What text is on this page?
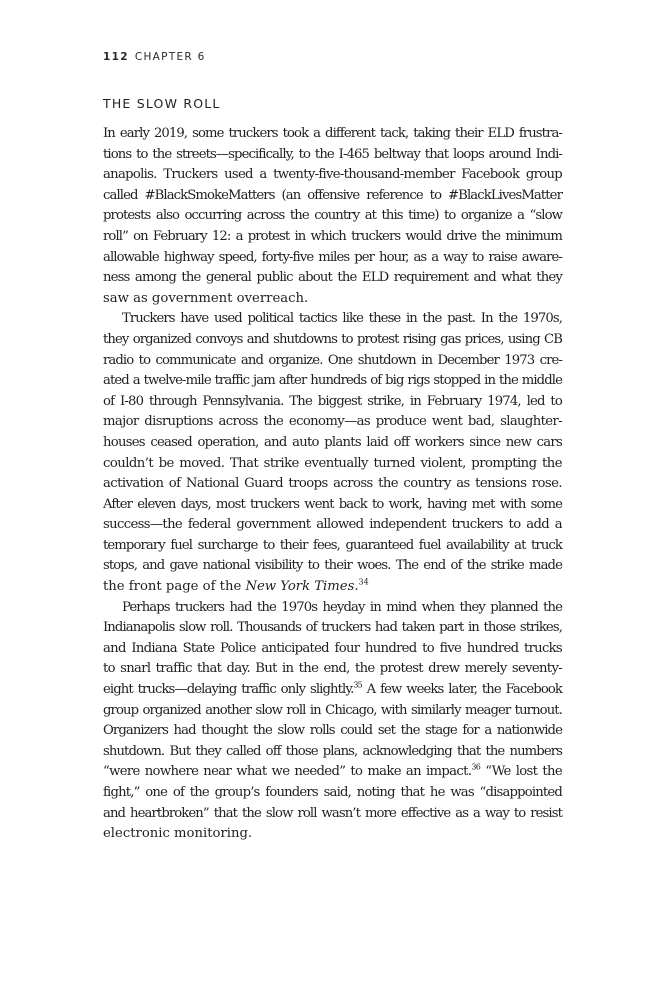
112 CHAPTER 6
THE SLOW ROLL
In early 2019, some truckers took a different tack, taking their ELD frustra-
tions to the streets—specifically, to the I-465 beltway that loops around Indi-
anapolis. Truckers used a twenty-five-thousand-member Facebook group
called #BlackSmokeMatters (an offensive reference to #BlackLivesMatter
protests also occurring across the country at this time) to organize a “slow
roll” on February 12: a protest in which truckers would drive the minimum
allowable highway speed, forty-five miles per hour, as a way to raise aware-
ness among the general public about the ELD requirement and what they
saw as government overreach.
Truckers have used political tactics like these in the past. In the 1970s,
they organized convoys and shutdowns to protest rising gas prices, using CB
radio to communicate and organize. One shutdown in December 1973 cre-
ated a twelve-mile traffic jam after hundreds of big rigs stopped in the middle
of I-80 through Pennsylvania. The biggest strike, in February 1974, led to
major disruptions across the economy—as produce went bad, slaughter-
houses ceased operation, and auto plants laid off workers since new cars
couldn’t be moved. That strike eventually turned violent, prompting the
activation of National Guard troops across the country as tensions rose.
After eleven days, most truckers went back to work, having met with some
success—the federal government allowed independent truckers to add a
temporary fuel surcharge to their fees, guaranteed fuel availability at truck
stops, and gave national visibility to their woes. The end of the strike made
the front page of the New York Times.$^{34}$
Perhaps truckers had the 1970s heyday in mind when they planned the
Indianapolis slow roll. Thousands of truckers had taken part in those strikes,
and Indiana State Police anticipated four hundred to five hundred trucks
to snarl traffic that day. But in the end, the protest drew merely seventy-
eight trucks—delaying traffic only slightly.$^{35}$ A few weeks later, the Facebook
group organized another slow roll in Chicago, with similarly meager turnout.
Organizers had thought the slow rolls could set the stage for a nationwide
shutdown. But they called off those plans, acknowledging that the numbers
“were nowhere near what we needed” to make an impact.$^{36}$ “We lost the
fight,” one of the group’s founders said, noting that he was “disappointed
and heartbroken” that the slow roll wasn’t more effective as a way to resist
electronic monitoring.
